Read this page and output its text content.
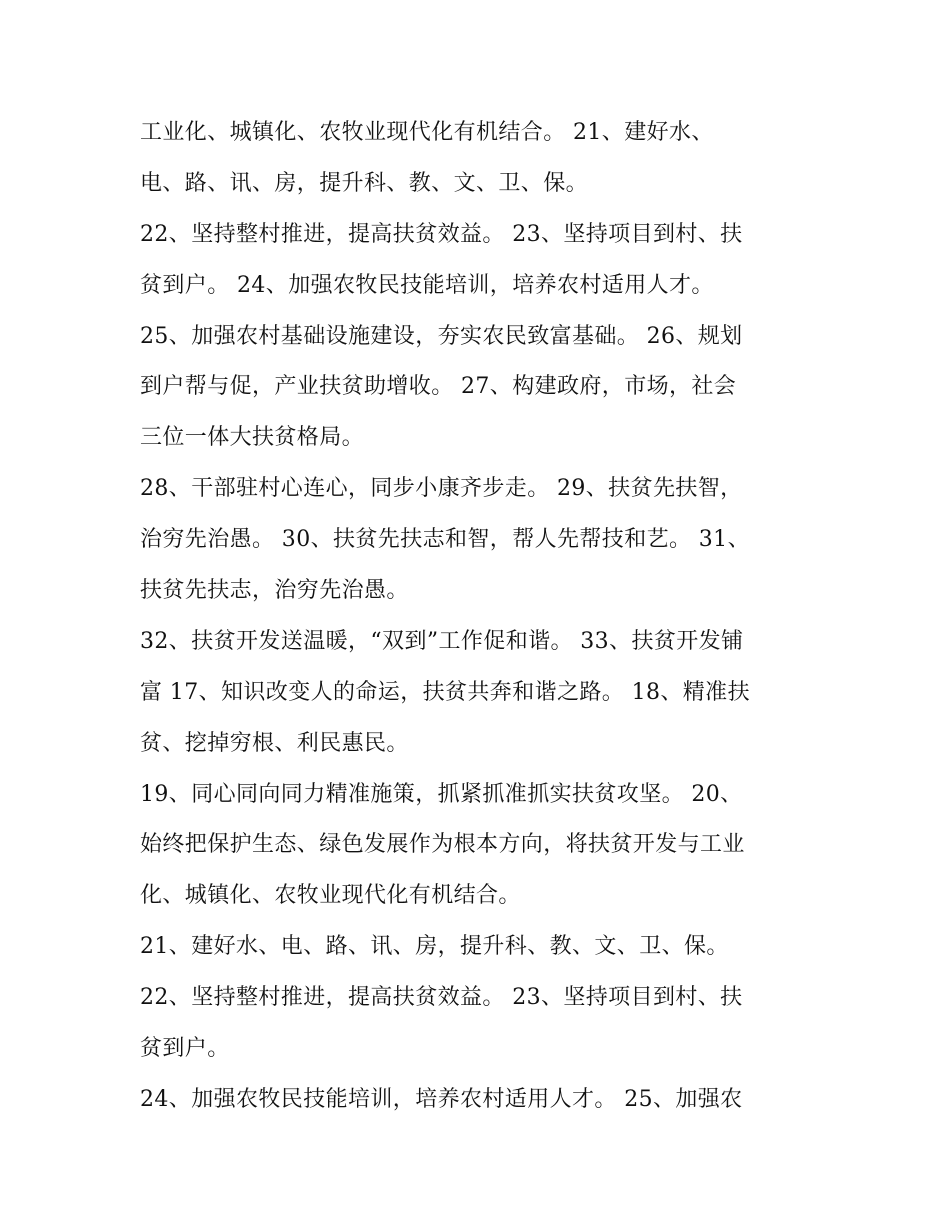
工业化、城镇化、农牧业现代化有机结合。 21、建好水、
电、路、讯、房，提升科、教、文、卫、保。
22、坚持整村推进，提高扶贫效益。 23、坚持项目到村、扶
贫到户。 24、加强农牧民技能培训，培养农村适用人才。
25、加强农村基础设施建设，夯实农民致富基础。 26、规划
到户帮与促，产业扶贫助增收。 27、构建政府，市场，社会
三位一体大扶贫格局。
28、干部驻村心连心，同步小康齐步走。 29、扶贫先扶智，
治穷先治愚。 30、扶贫先扶志和智，帮人先帮技和艺。 31、
扶贫先扶志，治穷先治愚。
32、扶贫开发送温暖，“双到”工作促和谐。 33、扶贫开发铺
富 17、知识改变人的命运，扶贫共奔和谐之路。 18、精准扶
贫、挖掉穷根、利民惠民。
19、同心同向同力精准施策，抓紧抓准抓实扶贫攻坚。 20、
始终把保护生态、绿色发展作为根本方向，将扶贫开发与工业
化、城镇化、农牧业现代化有机结合。
21、建好水、电、路、讯、房，提升科、教、文、卫、保。
22、坚持整村推进，提高扶贫效益。 23、坚持项目到村、扶
贫到户。
24、加强农牧民技能培训，培养农村适用人才。 25、加强农
